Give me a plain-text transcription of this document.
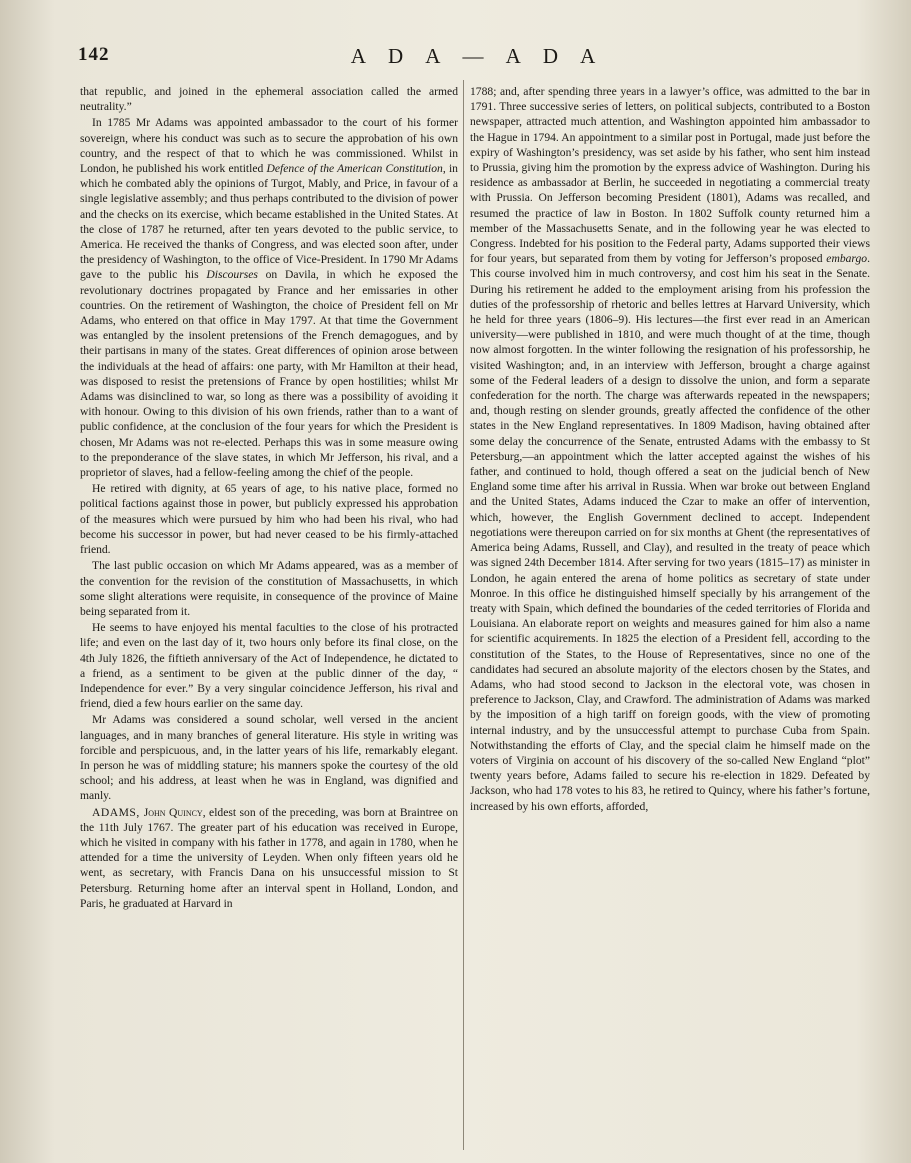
142	A D A — A D A

that republic, and joined in the ephemeral association called the armed neutrality.”

In 1785 Mr Adams was appointed ambassador to the court of his former sovereign, where his conduct was such as to secure the approbation of his own country, and the respect of that to which he was commissioned. Whilst in London, he published his work entitled Defence of the American Constitution, in which he combated ably the opinions of Turgot, Mably, and Price, in favour of a single legislative assembly; and thus perhaps contributed to the division of power and the checks on its exercise, which became established in the United States. At the close of 1787 he returned, after ten years devoted to the public service, to America. He received the thanks of Congress, and was elected soon after, under the presidency of Washington, to the office of Vice-President. In 1790 Mr Adams gave to the public his Discourses on Davila, in which he exposed the revolutionary doctrines propagated by France and her emissaries in other countries. On the retirement of Washington, the choice of President fell on Mr Adams, who entered on that office in May 1797. At that time the Government was entangled by the insolent pretensions of the French demagogues, and by their partisans in many of the states. Great differences of opinion arose between the individuals at the head of affairs: one party, with Mr Hamilton at their head, was disposed to resist the pretensions of France by open hostilities; whilst Mr Adams was disinclined to war, so long as there was a possibility of avoiding it with honour. Owing to this division of his own friends, rather than to a want of public confidence, at the conclusion of the four years for which the President is chosen, Mr Adams was not re-elected. Perhaps this was in some measure owing to the preponderance of the slave states, in which Mr Jefferson, his rival, and a proprietor of slaves, had a fellow-feeling among the chief of the people.

He retired with dignity, at 65 years of age, to his native place, formed no political factions against those in power, but publicly expressed his approbation of the measures which were pursued by him who had been his rival, who had become his successor in power, but had never ceased to be his firmly-attached friend.

The last public occasion on which Mr Adams appeared, was as a member of the convention for the revision of the constitution of Massachusetts, in which some slight alterations were requisite, in consequence of the province of Maine being separated from it.

He seems to have enjoyed his mental faculties to the close of his protracted life; and even on the last day of it, two hours only before its final close, on the 4th July 1826, the fiftieth anniversary of the Act of Independence, he dictated to a friend, as a sentiment to be given at the public dinner of the day, “ Independence for ever.” By a very singular coincidence Jefferson, his rival and friend, died a few hours earlier on the same day.

Mr Adams was considered a sound scholar, well versed in the ancient languages, and in many branches of general literature. His style in writing was forcible and perspicuous, and, in the latter years of his life, remarkably elegant. In person he was of middling stature; his manners spoke the courtesy of the old school; and his address, at least when he was in England, was dignified and manly.

ADAMS, John Quincy, eldest son of the preceding, was born at Braintree on the 11th July 1767. The greater part of his education was received in Europe, which he visited in company with his father in 1778, and again in 1780, when he attended for a time the university of Leyden. When only fifteen years old he went, as secretary, with Francis Dana on his unsuccessful mission to St Petersburg. Returning home after an interval spent in Holland, London, and Paris, he graduated at Harvard in

1788; and, after spending three years in a lawyer’s office, was admitted to the bar in 1791. Three successive series of letters, on political subjects, contributed to a Boston newspaper, attracted much attention, and Washington appointed him ambassador to the Hague in 1794. An appointment to a similar post in Portugal, made just before the expiry of Washington’s presidency, was set aside by his father, who sent him instead to Prussia, giving him the promotion by the express advice of Washington. During his residence as ambassador at Berlin, he succeeded in negotiating a commercial treaty with Prussia. On Jefferson becoming President (1801), Adams was recalled, and resumed the practice of law in Boston. In 1802 Suffolk county returned him a member of the Massachusetts Senate, and in the following year he was elected to Congress. Indebted for his position to the Federal party, Adams supported their views for four years, but separated from them by voting for Jefferson’s proposed embargo. This course involved him in much controversy, and cost him his seat in the Senate. During his retirement he added to the employment arising from his profession the duties of the professorship of rhetoric and belles lettres at Harvard University, which he held for three years (1806–9). His lectures—the first ever read in an American university—were published in 1810, and were much thought of at the time, though now almost forgotten. In the winter following the resignation of his professorship, he visited Washington; and, in an interview with Jefferson, brought a charge against some of the Federal leaders of a design to dissolve the union, and form a separate confederation for the north. The charge was afterwards repeated in the newspapers; and, though resting on slender grounds, greatly affected the confidence of the other states in the New England representatives. In 1809 Madison, having obtained after some delay the concurrence of the Senate, entrusted Adams with the embassy to St Petersburg,—an appointment which the latter accepted against the wishes of his father, and continued to hold, though offered a seat on the judicial bench of New England some time after his arrival in Russia. When war broke out between England and the United States, Adams induced the Czar to make an offer of intervention, which, however, the English Government declined to accept. Independent negotiations were thereupon carried on for six months at Ghent (the representatives of America being Adams, Russell, and Clay), and resulted in the treaty of peace which was signed 24th December 1814. After serving for two years (1815–17) as minister in London, he again entered the arena of home politics as secretary of state under Monroe. In this office he distinguished himself specially by his arrangement of the treaty with Spain, which defined the boundaries of the ceded territories of Florida and Louisiana. An elaborate report on weights and measures gained for him also a name for scientific acquirements. In 1825 the election of a President fell, according to the constitution of the States, to the House of Representatives, since no one of the candidates had secured an absolute majority of the electors chosen by the States, and Adams, who had stood second to Jackson in the electoral vote, was chosen in preference to Jackson, Clay, and Crawford. The administration of Adams was marked by the imposition of a high tariff on foreign goods, with the view of promoting internal industry, and by the unsuccessful attempt to purchase Cuba from Spain. Notwithstanding the efforts of Clay, and the special claim he himself made on the voters of Virginia on account of his discovery of the so-called New England “plot” twenty years before, Adams failed to secure his re-election in 1829. Defeated by Jackson, who had 178 votes to his 83, he retired to Quincy, where his father’s fortune, increased by his own efforts, afforded,
